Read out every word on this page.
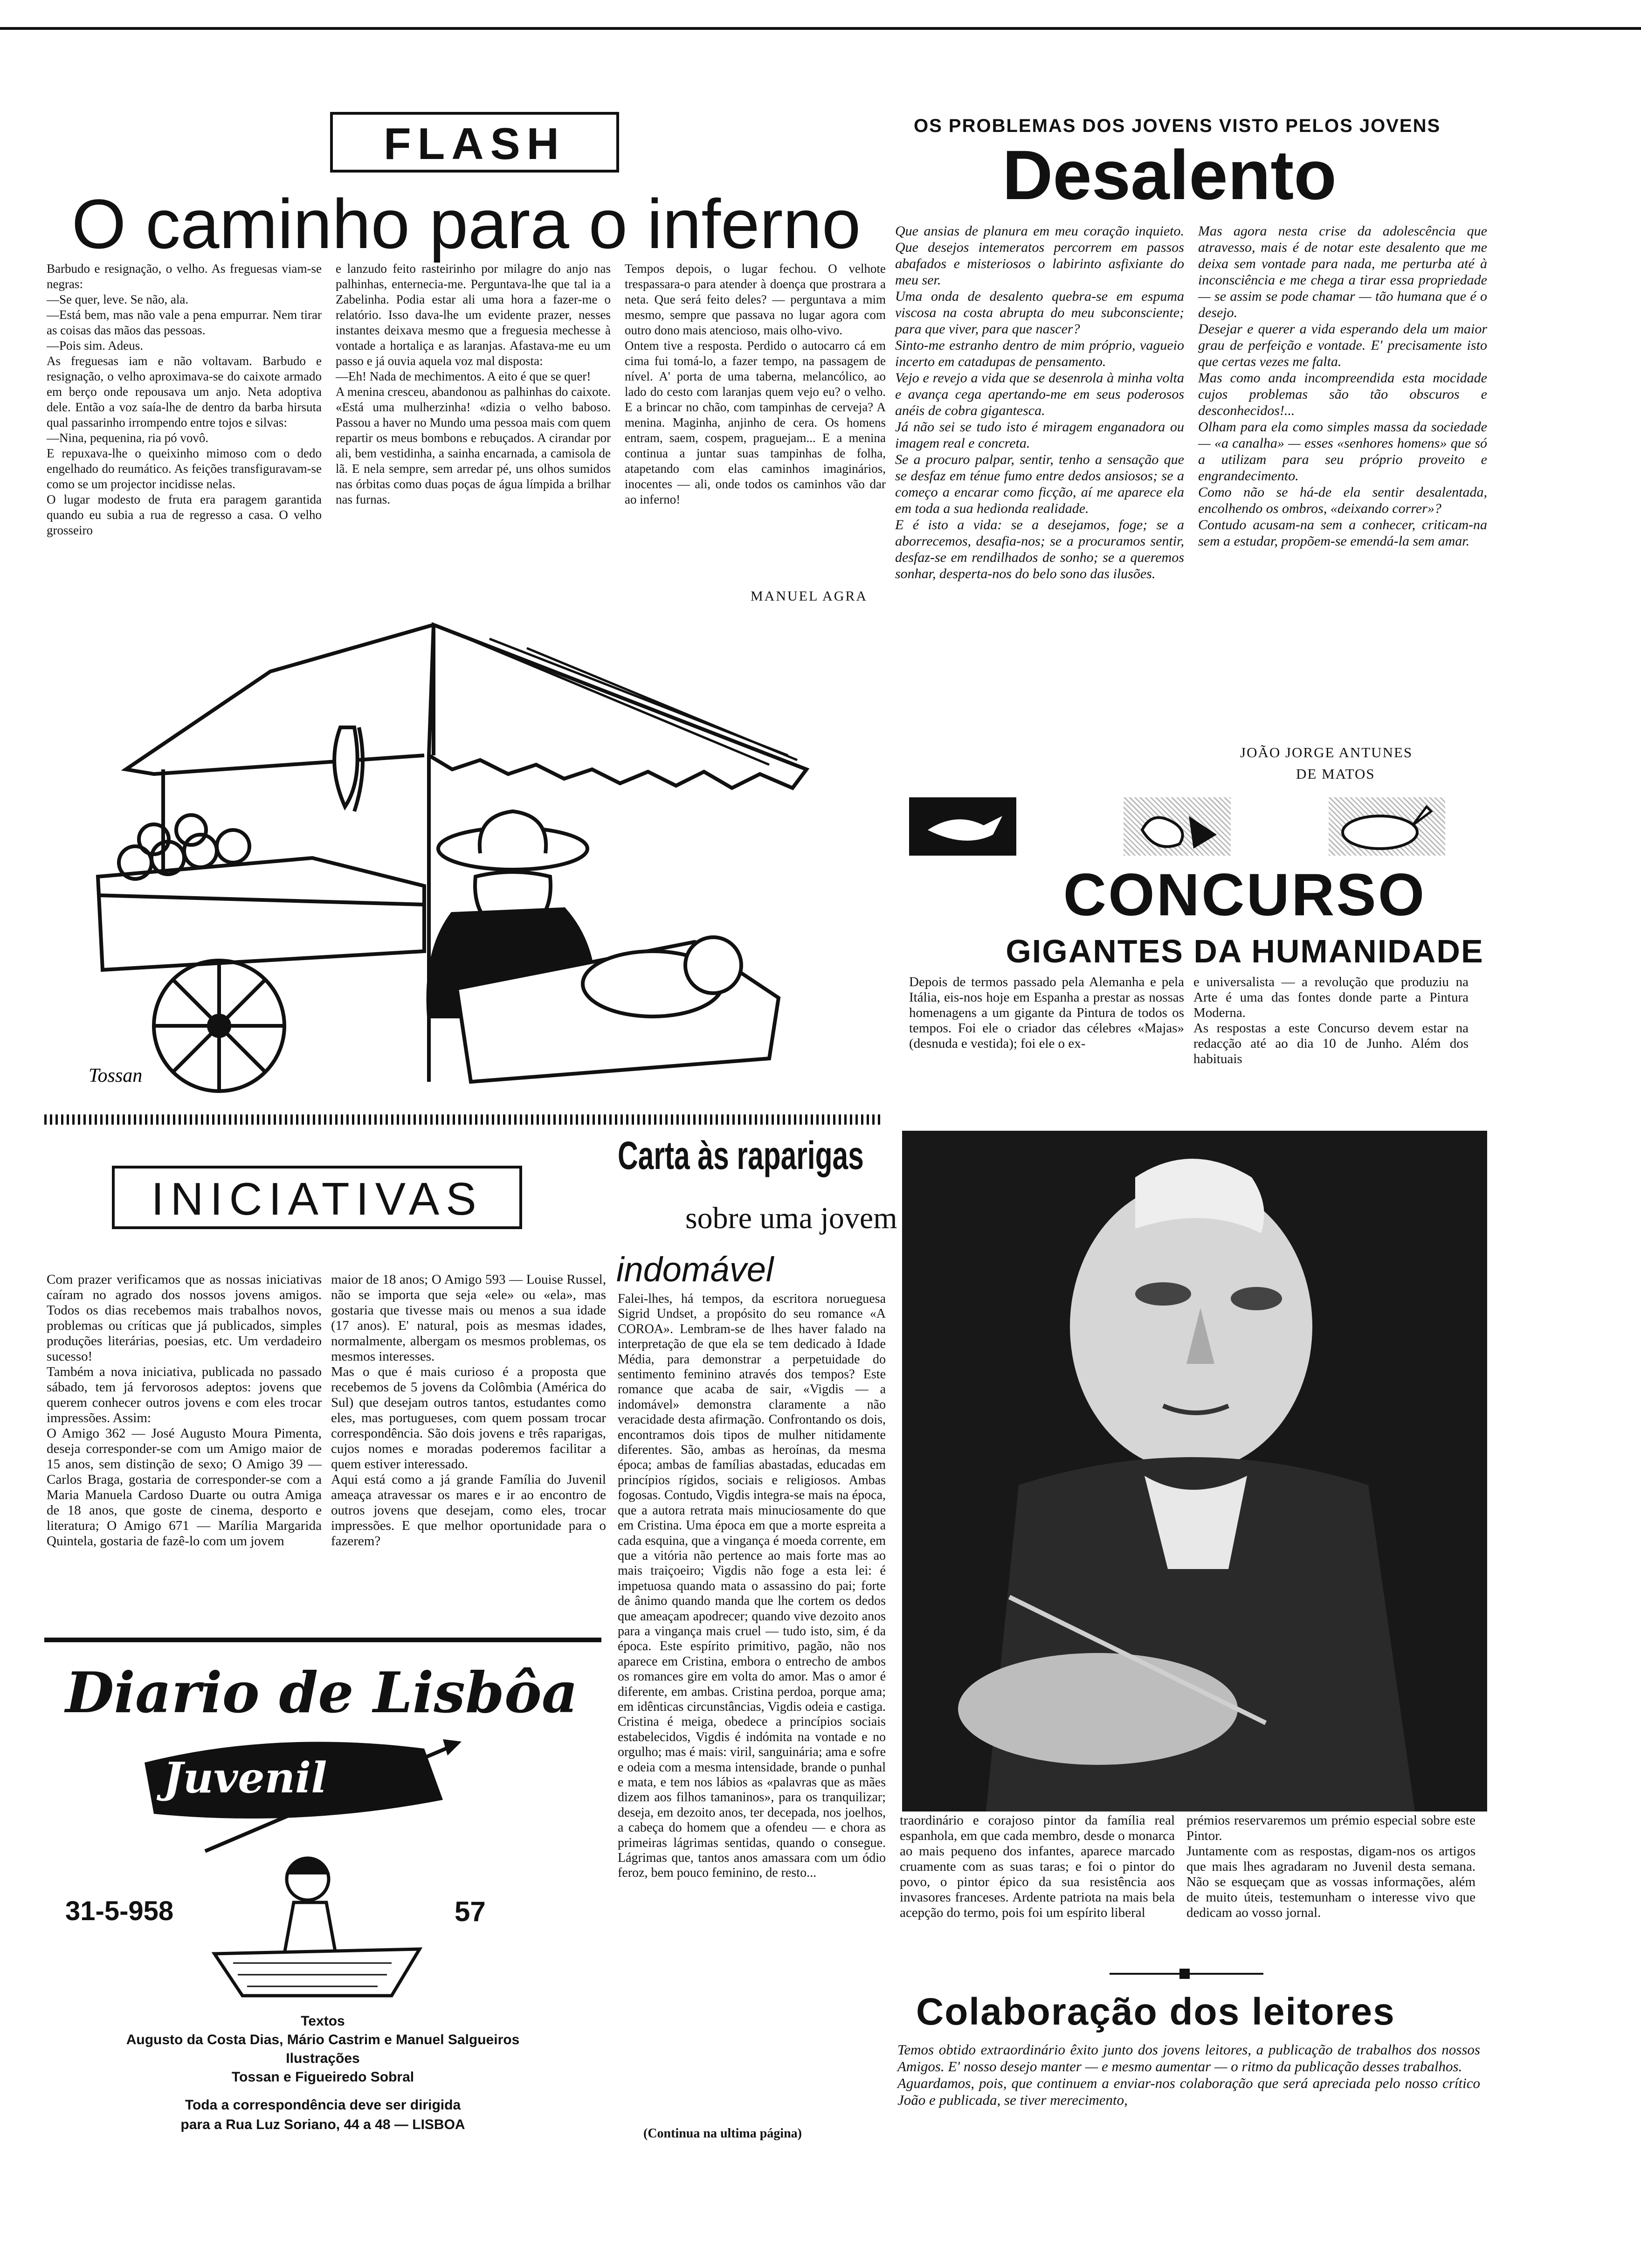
FLASH
O caminho para o inferno
Barbudo e resignação, o velho. As freguesas viam-se negras:
—Se quer, leve. Se não, ala.
—Está bem, mas não vale a pena empurrar. Nem tirar as coisas das mãos das pessoas.
—Pois sim. Adeus.
As freguesas iam e não voltavam. Barbudo e resignação, o velho aproximava-se do caixote armado em berço onde repousava um anjo. Neta adoptiva dele. Então a voz saía-lhe de dentro da barba hirsuta qual passarinho irrompendo entre tojos e silvas:
—Nina, pequenina, ria pó vovô.
E repuxava-lhe o queixinho mimoso com o dedo engelhado do reumático. As feições transfiguravam-se como se um projector incidisse nelas.
O lugar modesto de fruta era paragem garantida quando eu subia a rua de regresso a casa. O velho grosseiro
e lanzudo feito rasteirinho por milagre do anjo nas palhinhas, enternecia-me. Perguntava-lhe que tal ia a Zabelinha. Podia estar ali uma hora a fazer-me o relatório. Isso dava-lhe um evidente prazer, nesses instantes deixava mesmo que a freguesia mechesse à vontade a hortaliça e as laranjas. Afastava-me eu um passo e já ouvia aquela voz mal disposta:
—Eh! Nada de mechimentos. A eito é que se quer!
A menina cresceu, abandonou as palhinhas do caixote. «Está uma mulherzinha! «dizia o velho baboso. Passou a haver no Mundo uma pessoa mais com quem repartir os meus bombons e rebuçados. A cirandar por ali, bem vestidinha, a sainha encarnada, a camisola de lã. E nela sempre, sem arredar pé, uns olhos sumidos nas órbitas como duas poças de água límpida a brilhar nas furnas.
Tempos depois, o lugar fechou. O velhote trespassara-o para atender à doença que prostrara a neta. Que será feito deles? — perguntava a mim mesmo, sempre que passava no lugar agora com outro dono mais atencioso, mais olho-vivo.
Ontem tive a resposta. Perdido o autocarro cá em cima fui tomá-lo, a fazer tempo, na passagem de nível. A' porta de uma taberna, melancólico, ao lado do cesto com laranjas quem vejo eu? o velho. E a brincar no chão, com tampinhas de cerveja? A menina. Maginha, anjinho de cera. Os homens entram, saem, cospem, praguejam... E a menina continua a juntar suas tampinhas de folha, atapetando com elas caminhos imaginários, inocentes — ali, onde todos os caminhos vão dar ao inferno!
MANUEL AGRA
Tossan
OS PROBLEMAS DOS JOVENS VISTO PELOS JOVENS
Desalento
Que ansias de planura em meu coração inquieto. Que desejos intemeratos percorrem em passos abafados e misteriosos o labirinto asfixiante do meu ser.
Uma onda de desalento quebra-se em espuma viscosa na costa abrupta do meu subconsciente; para que viver, para que nascer?
Sinto-me estranho dentro de mim próprio, vagueio incerto em catadupas de pensamento.
Vejo e revejo a vida que se desenrola à minha volta e avança cega apertando-me em seus poderosos anéis de cobra gigantesca.
Já não sei se tudo isto é miragem enganadora ou imagem real e concreta.
Se a procuro palpar, sentir, tenho a sensação que se desfaz em ténue fumo entre dedos ansiosos; se a começo a encarar como ficção, aí me aparece ela em toda a sua hedionda realidade.
E é isto a vida: se a desejamos, foge; se a aborrecemos, desafia-nos; se a procuramos sentir, desfaz-se em rendilhados de sonho; se a queremos sonhar, desperta-nos do belo sono das ilusões.
Mas agora nesta crise da adolescência que atravesso, mais é de notar este desalento que me deixa sem vontade para nada, me perturba até à inconsciência e me chega a tirar essa propriedade — se assim se pode chamar — tão humana que é o desejo.
Desejar e querer a vida esperando dela um maior grau de perfeição e vontade. E' precisamente isto que certas vezes me falta.
Mas como anda incompreendida esta mocidade cujos problemas são tão obscuros e desconhecidos!...
Olham para ela como simples massa da sociedade — «a canalha» — esses «senhores homens» que só a utilizam para seu próprio proveito e engrandecimento.
Como não se há-de ela sentir desalentada, encolhendo os ombros, «deixando correr»?
Contudo acusam-na sem a conhecer, criticam-na sem a estudar, propõem-se emendá-la sem amar.
JOÃO JORGE ANTUNES
DE MATOS
CONCURSO
GIGANTES DA HUMANIDADE
Depois de termos passado pela Alemanha e pela Itália, eis-nos hoje em Espanha a prestar as nossas homenagens a um gigante da Pintura de todos os tempos. Foi ele o criador das célebres «Majas» (desnuda e vestida); foi ele o ex-
e universalista — a revolução que produziu na Arte é uma das fontes donde parte a Pintura Moderna.
As respostas a este Concurso devem estar na redacção até ao dia 10 de Junho. Além dos habituais
traordinário e corajoso pintor da família real espanhola, em que cada membro, desde o monarca ao mais pequeno dos infantes, aparece marcado cruamente com as suas taras; e foi o pintor do povo, o pintor épico da sua resistência aos invasores franceses. Ardente patriota na mais bela acepção do termo, pois foi um espírito liberal
prémios reservaremos um prémio especial sobre este Pintor.
Juntamente com as respostas, digam-nos os artigos que mais lhes agradaram no Juvenil desta semana. Não se esqueçam que as vossas informações, além de muito úteis, testemunham o interesse vivo que dedicam ao vosso jornal.
Colaboração dos leitores
Temos obtido extraordinário êxito junto dos jovens leitores, a publicação de trabalhos dos nossos Amigos. E' nosso desejo manter — e mesmo aumentar — o ritmo da publicação desses trabalhos.
Aguardamos, pois, que continuem a enviar-nos colaboração que será apreciada pelo nosso crítico João e publicada, se tiver merecimento,
INICIATIVAS
Com prazer verificamos que as nossas iniciativas caíram no agrado dos nossos jovens amigos. Todos os dias recebemos mais trabalhos novos, problemas ou críticas que já publicados, simples produções literárias, poesias, etc. Um verdadeiro sucesso!
Também a nova iniciativa, publicada no passado sábado, tem já fervorosos adeptos: jovens que querem conhecer outros jovens e com eles trocar impressões. Assim:
O Amigo 362 — José Augusto Moura Pimenta, deseja corresponder-se com um Amigo maior de 15 anos, sem distinção de sexo; O Amigo 39 — Carlos Braga, gostaria de corresponder-se com a Maria Manuela Cardoso Duarte ou outra Amiga de 18 anos, que goste de cinema, desporto e literatura; O Amigo 671 — Marília Margarida Quintela, gostaria de fazê-lo com um jovem
maior de 18 anos; O Amigo 593 — Louise Russel, não se importa que seja «ele» ou «ela», mas gostaria que tivesse mais ou menos a sua idade (17 anos). E' natural, pois as mesmas idades, normalmente, albergam os mesmos problemas, os mesmos interesses.
Mas o que é mais curioso é a proposta que recebemos de 5 jovens da Colômbia (América do Sul) que desejam outros tantos, estudantes como eles, mas portugueses, com quem possam trocar correspondência. São dois jovens e três raparigas, cujos nomes e moradas poderemos facilitar a quem estiver interessado.
Aqui está como a já grande Família do Juvenil ameaça atravessar os mares e ir ao encontro de outros jovens que desejam, como eles, trocar impressões. E que melhor oportunidade para o fazerem?
Carta às raparigas
sobre uma jovem
indomável
Falei-lhes, há tempos, da escritora norueguesa Sigrid Undset, a propósito do seu romance «A COROA». Lembram-se de lhes haver falado na interpretação de que ela se tem dedicado à Idade Média, para demonstrar a perpetuidade do sentimento feminino através dos tempos? Este romance que acaba de sair, «Vigdis — a indomável» demonstra claramente a não veracidade desta afirmação. Confrontando os dois, encontramos dois tipos de mulher nitidamente diferentes. São, ambas as heroínas, da mesma época; ambas de famílias abastadas, educadas em princípios rígidos, sociais e religiosos. Ambas fogosas. Contudo, Vigdis integra-se mais na época, que a autora retrata mais minuciosamente do que em Cristina. Uma época em que a morte espreita a cada esquina, que a vingança é moeda corrente, em que a vitória não pertence ao mais forte mas ao mais traiçoeiro; Vigdis não foge a esta lei: é impetuosa quando mata o assassino do pai; forte de ânimo quando manda que lhe cortem os dedos que ameaçam apodrecer; quando vive dezoito anos para a vingança mais cruel — tudo isto, sim, é da época. Este espírito primitivo, pagão, não nos aparece em Cristina, embora o entrecho de ambos os romances gire em volta do amor. Mas o amor é diferente, em ambas. Cristina perdoa, porque ama; em idênticas circunstâncias, Vigdis odeia e castiga. Cristina é meiga, obedece a princípios sociais estabelecidos, Vigdis é indómita na vontade e no orgulho; mas é mais: viril, sanguinária; ama e sofre e odeia com a mesma intensidade, brande o punhal e mata, e tem nos lábios as «palavras que as mães dizem aos filhos tamaninos», para os tranquilizar; deseja, em dezoito anos, ter decepada, nos joelhos, a cabeça do homem que a ofendeu — e chora as primeiras lágrimas sentidas, quando o consegue. Lágrimas que, tantos anos amassara com um ódio feroz, bem pouco feminino, de resto...
(Continua na ultima página)
Diario de Lisbôa
Juvenil
31-5-958	57
Textos
Augusto da Costa Dias, Mário Castrim e Manuel Salgueiros
Ilustrações
Tossan e Figueiredo Sobral
Toda a correspondência deve ser dirigida
para a Rua Luz Soriano, 44 a 48 — LISBOA
